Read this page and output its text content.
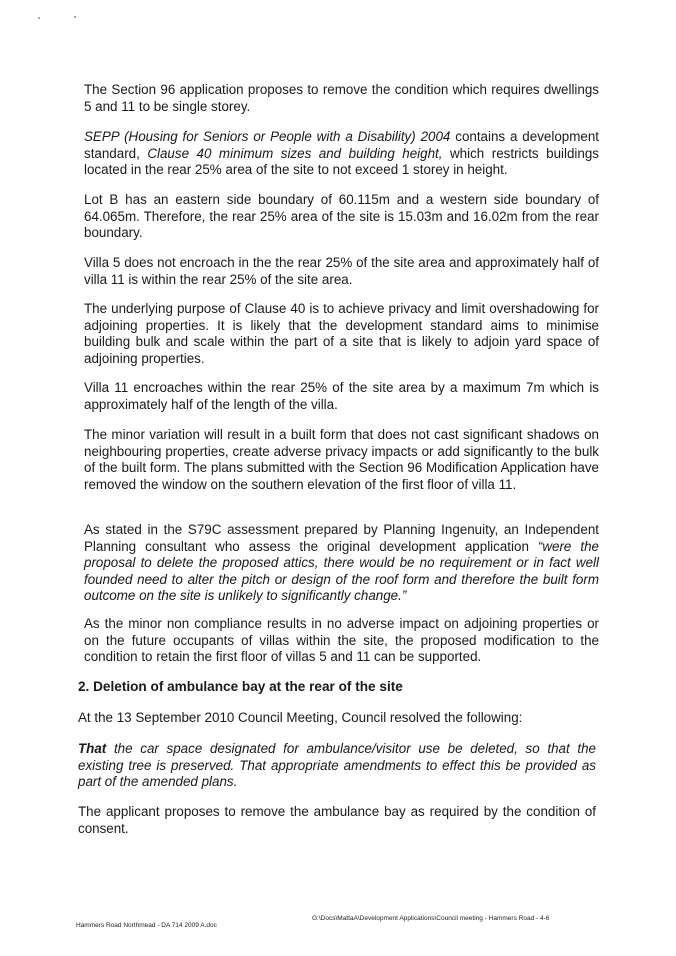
The Section 96 application proposes to remove the condition which requires dwellings 5 and 11 to be single storey.

SEPP (Housing for Seniors or People with a Disability) 2004 contains a development standard, Clause 40 minimum sizes and building height, which restricts buildings located in the rear 25% area of the site to not exceed 1 storey in height.

Lot B has an eastern side boundary of 60.115m and a western side boundary of 64.065m. Therefore, the rear 25% area of the site is 15.03m and 16.02m from the rear boundary.

Villa 5 does not encroach in the the rear 25% of the site area and approximately half of villa 11 is within the rear 25% of the site area.

The underlying purpose of Clause 40 is to achieve privacy and limit overshadowing for adjoining properties. It is likely that the development standard aims to minimise building bulk and scale within the part of a site that is likely to adjoin yard space of adjoining properties.

Villa 11 encroaches within the rear 25% of the site area by a maximum 7m which is approximately half of the length of the villa.

The minor variation will result in a built form that does not cast significant shadows on neighbouring properties, create adverse privacy impacts or add significantly to the bulk of the built form. The plans submitted with the Section 96 Modification Application have removed the window on the southern elevation of the first floor of villa 11.

As stated in the S79C assessment prepared by Planning Ingenuity, an Independent Planning consultant who assess the original development application “were the proposal to delete the proposed attics, there would be no requirement or in fact well founded need to alter the pitch or design of the roof form and therefore the built form outcome on the site is unlikely to significantly change.”

As the minor non compliance results in no adverse impact on adjoining properties or on the future occupants of villas within the site, the proposed modification to the condition to retain the first floor of villas 5 and 11 can be supported.

2. Deletion of ambulance bay at the rear of the site

At the 13 September 2010 Council Meeting, Council resolved the following:

That the car space designated for ambulance/visitor use be deleted, so that the existing tree is preserved. That appropriate amendments to effect this be provided as part of the amended plans.

The applicant proposes to remove the ambulance bay as required by the condition of consent.

Hammers Road Northmead - DA 714 2009 A.doc
G:\Docs\MattaA\Development Applications\Council meeting - Hammers Road - 4-6
